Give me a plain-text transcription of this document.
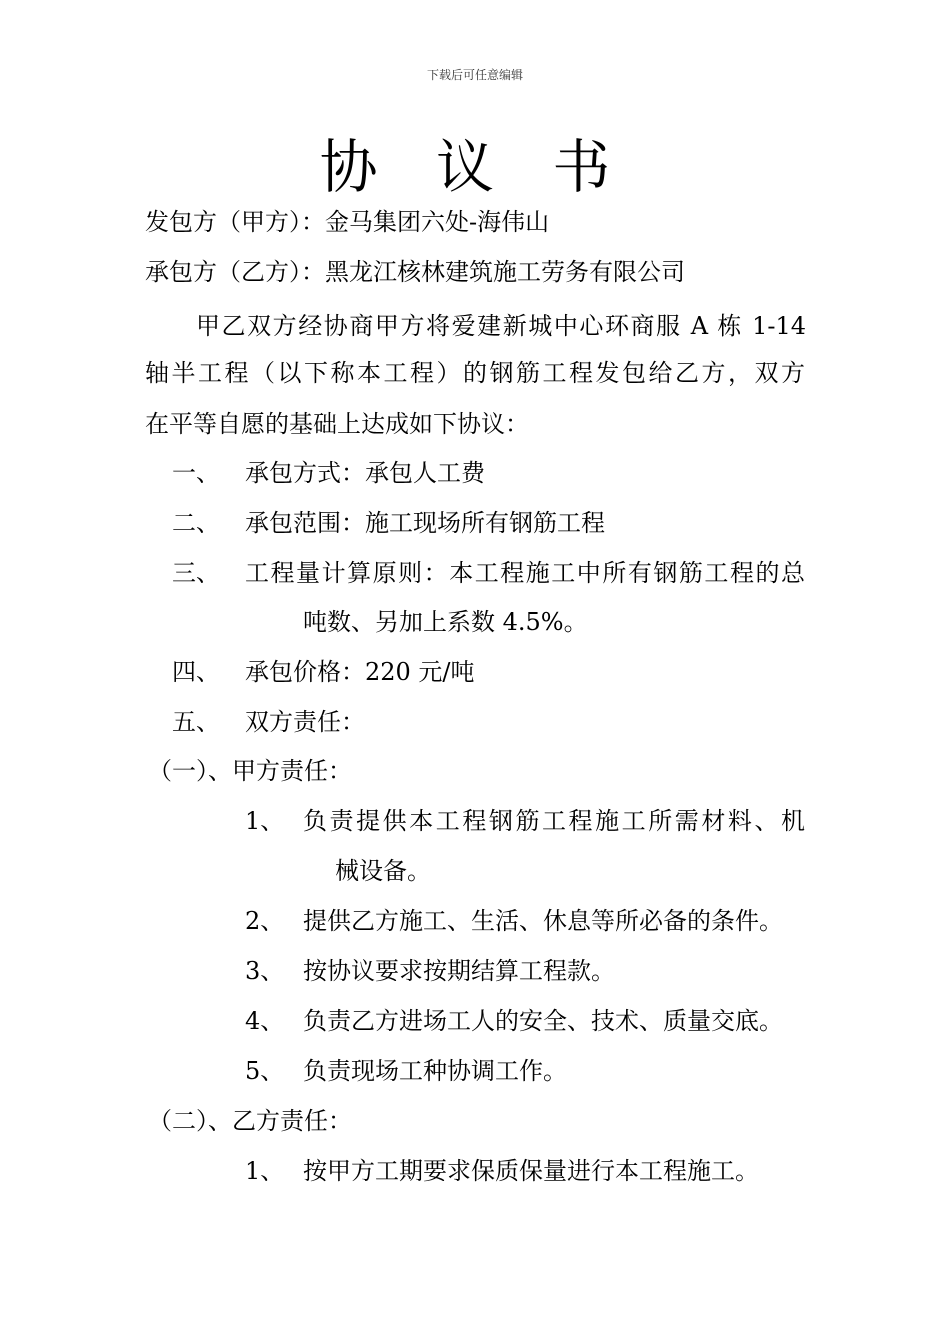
下载后可任意编辑
协 议 书
发包方（甲方）：金马集团六处-海伟山
承包方（乙方）：黑龙江核林建筑施工劳务有限公司
甲乙双方经协商甲方将爱建新城中心环商服 A 栋 1-14
轴半工程（以下称本工程）的钢筋工程发包给乙方，双方
在平等自愿的基础上达成如下协议：
一、 承包方式：承包人工费
二、 承包范围：施工现场所有钢筋工程
三、 工程量计算原则：本工程施工中所有钢筋工程的总
吨数、另加上系数 4.5%。
四、 承包价格：220 元/吨
五、 双方责任：
（一）、甲方责任：
1、 负责提供本工程钢筋工程施工所需材料、机
械设备。
2、 提供乙方施工、生活、休息等所必备的条件。
3、 按协议要求按期结算工程款。
4、 负责乙方进场工人的安全、技术、质量交底。
5、 负责现场工种协调工作。
（二）、乙方责任：
1、 按甲方工期要求保质保量进行本工程施工。
